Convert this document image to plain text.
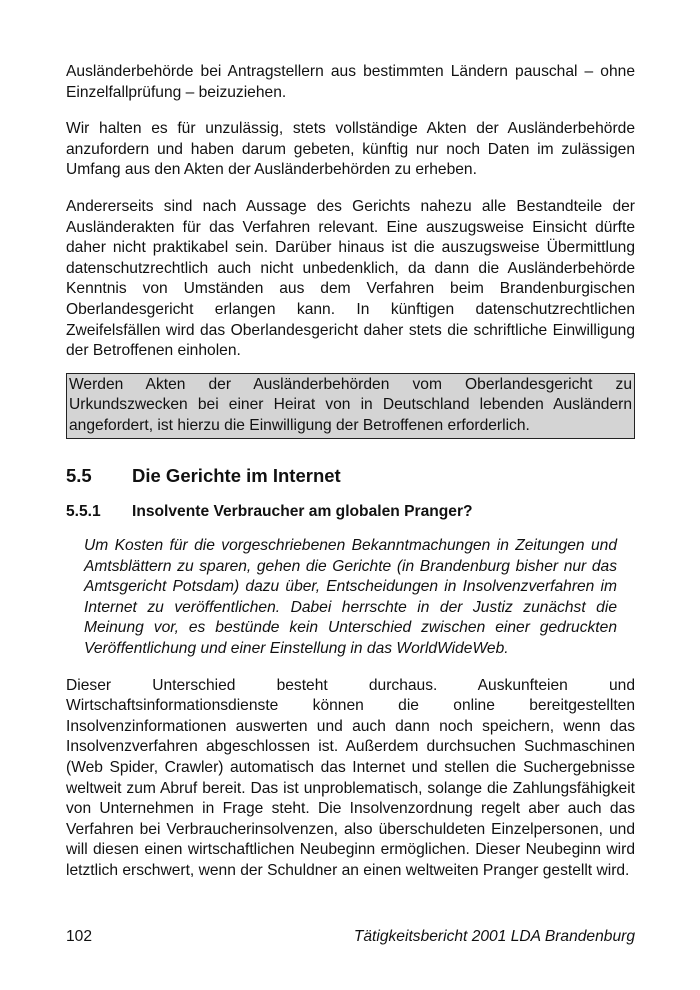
Ausländerbehörde bei Antragstellern aus bestimmten Ländern pauschal – ohne Einzelfallprüfung – beizuziehen.

Wir halten es für unzulässig, stets vollständige Akten der Ausländerbehörde anzufordern und haben darum gebeten, künftig nur noch Daten im zulässigen Umfang aus den Akten der Ausländerbehörden zu erheben.

Andererseits sind nach Aussage des Gerichts nahezu alle Bestandteile der Ausländerakten für das Verfahren relevant. Eine auszugsweise Einsicht dürfte daher nicht praktikabel sein. Darüber hinaus ist die auszugsweise Übermittlung datenschutzrechtlich auch nicht unbedenklich, da dann die Ausländerbehörde Kenntnis von Umständen aus dem Verfahren beim Brandenburgischen Oberlandesgericht erlangen kann. In künftigen datenschutzrechtlichen Zweifelsfällen wird das Oberlandesgericht daher stets die schriftliche Einwilligung der Betroffenen einholen.

Werden Akten der Ausländerbehörden vom Oberlandesgericht zu Urkundszwecken bei einer Heirat von in Deutschland lebenden Ausländern angefordert, ist hierzu die Einwilligung der Betroffenen erforderlich.
5.5	Die Gerichte im Internet
5.5.1	Insolvente Verbraucher am globalen Pranger?

Um Kosten für die vorgeschriebenen Bekanntmachungen in Zeitungen und Amtsblättern zu sparen, gehen die Gerichte (in Brandenburg bisher nur das Amtsgericht Potsdam) dazu über, Entscheidungen in Insolvenzverfahren im Internet zu veröffentlichen. Dabei herrschte in der Justiz zunächst die Meinung vor, es bestünde kein Unterschied zwischen einer gedruckten Veröffentlichung und einer Einstellung in das WorldWideWeb.

Dieser Unterschied besteht durchaus. Auskunfteien und Wirtschaftsinformationsdienste können die online bereitgestellten Insolvenzinformationen auswerten und auch dann noch speichern, wenn das Insolvenzverfahren abgeschlossen ist. Außerdem durchsuchen Suchmaschinen (Web Spider, Crawler) automatisch das Internet und stellen die Suchergebnisse weltweit zum Abruf bereit. Das ist unproblematisch, solange die Zahlungsfähigkeit von Unternehmen in Frage steht. Die Insolvenzordnung regelt aber auch das Verfahren bei Verbraucherinsolvenzen, also überschuldeten Einzelpersonen, und will diesen einen wirtschaftlichen Neubeginn ermöglichen. Dieser Neubeginn wird letztlich erschwert, wenn der Schuldner an einen weltweiten Pranger gestellt wird.

102	Tätigkeitsbericht 2001 LDA Brandenburg
